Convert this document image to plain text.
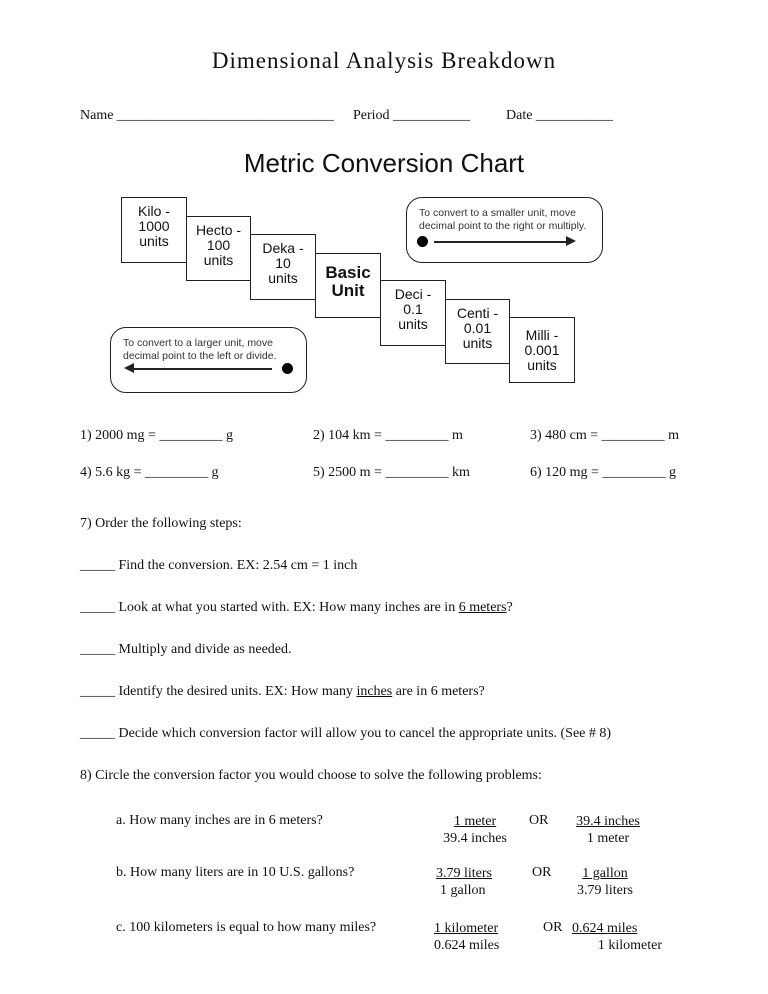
Dimensional Analysis Breakdown
Name _______________________________ Period ___________	Date ___________
Metric Conversion Chart
To convert to a smaller unit, move
decimal point to the right or multiply.
To convert to a larger unit, move
decimal point to the left or divide.
Kilo -
1000
units
Hecto -
100
units
Deka -
10
units	Basic
Unit	Deci -
0.1
units
Centi -
0.01
units	Milli -
0.001
units
1) 2000 mg = _________ g	2) 104 km = _________ m	3) 480 cm = _________ m
4) 5.6 kg = _________ g	5) 2500 m = _________ km	6) 120 mg = _________ g
7) Order the following steps:
_____ Find the conversion. EX: 2.54 cm = 1 inch
_____ Look at what you started with. EX: How many inches are in 6 meters?
_____ Multiply and divide as needed.
_____ Identify the desired units. EX: How many inches are in 6 meters?
_____ Decide which conversion factor will allow you to cancel the appropriate units. (See # 8)
8) Circle the conversion factor you would choose to solve the following problems:
a. How many inches are in 6 meters?	1 meter
39.4 inches
OR	39.4 inches
1 meter
b. How many liters are in 10 U.S. gallons?	3.79 liters
1 gallon
OR	1 gallon
3.79 liters
c. 100 kilometers is equal to how many miles?	1 kilometer
0.624 miles
OR 0.624 miles
1 kilometer
